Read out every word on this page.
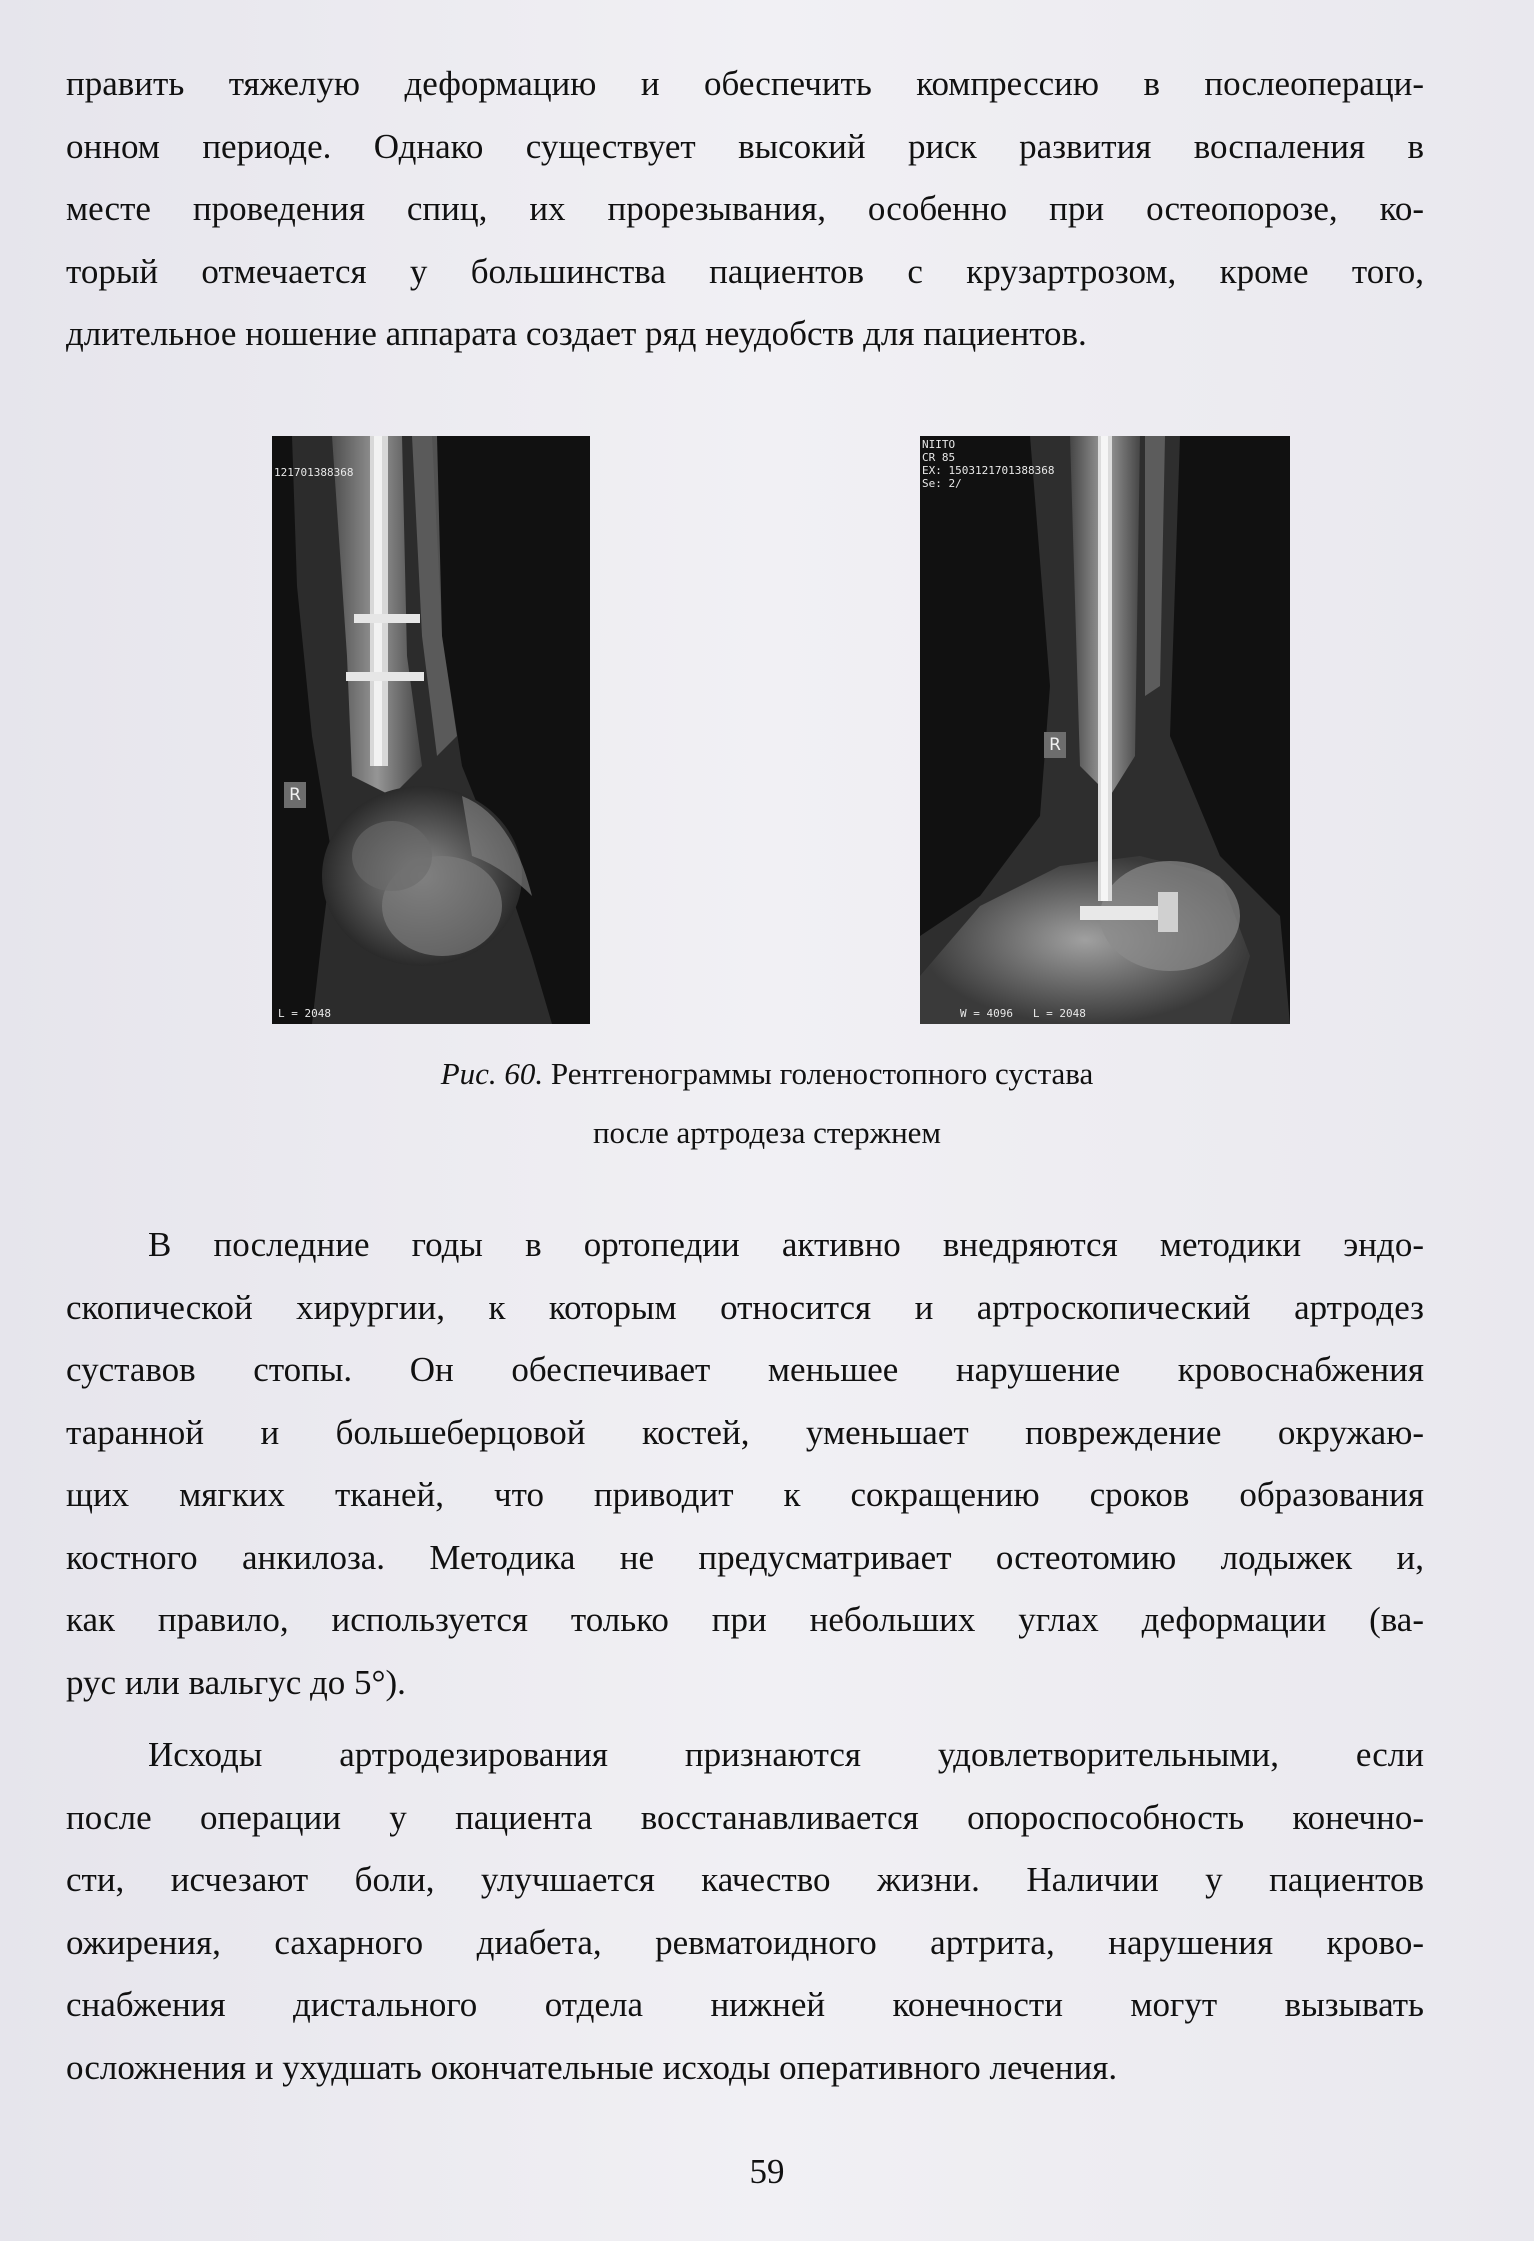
править тяжелую деформацию и обеспечить компрессию в послеопераци-
онном периоде. Однако существует высокий риск развития воспаления в
месте проведения спиц, их прорезывания, особенно при остеопорозе, ко-
торый отмечается у большинства пациентов с крузартрозом, кроме того,
длительное ношение аппарата создает ряд неудобств для пациентов.
121701388368
R
L = 2048
NIITO
CR 85
EX: 1503121701388368
Se: 2/
R
W = 4096   L = 2048
Рис. 60. Рентгенограммы голеностопного сустава
после артродеза стержнем
В последние годы в ортопедии активно внедряются методики эндо-
скопической хирургии, к которым относится и артроскопический артродез
суставов стопы. Он обеспечивает меньшее нарушение кровоснабжения
таранной и большеберцовой костей, уменьшает повреждение окружаю-
щих мягких тканей, что приводит к сокращению сроков образования
костного анкилоза. Методика не предусматривает остеотомию лодыжек и,
как правило, используется только при небольших углах деформации (ва-
рус или вальгус до 5°).
Исходы артродезирования признаются удовлетворительными, если
после операции у пациента восстанавливается опороспособность конечно-
сти, исчезают боли, улучшается качество жизни. Наличии у пациентов
ожирения, сахарного диабета, ревматоидного артрита, нарушения крово-
снабжения дистального отдела нижней конечности могут вызывать
осложнения и ухудшать окончательные исходы оперативного лечения.
59
